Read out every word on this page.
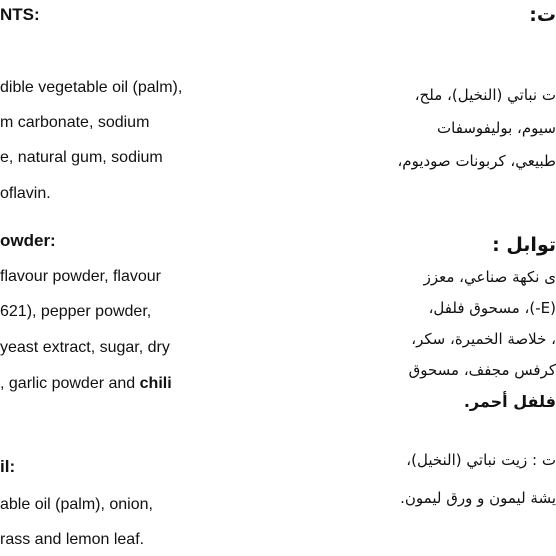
NTS:
dible vegetable oil (palm),
m carbonate, sodium
e, natural gum, sodium
oflavin.
owder:
flavour powder, flavour
621), pepper powder,
yeast extract, sugar, dry
, garlic powder and chili
il:
able oil (palm), onion,
rass and lemon leaf.
ت:
ت نباتي (النخيل)، ملح،
سيوم، بوليفوسفات
طبيعي، كربونات صوديوم،
توابل :
ى نكهة صناعي، معزز
(E-)، مسحوق فلفل،
، خلاصة الخميرة، سكر،
كرفس مجفف، مسحوق
فلفل أحمر.
ت : زيت نباتي (النخيل)،
يشة ليمون و ورق ليمون.
